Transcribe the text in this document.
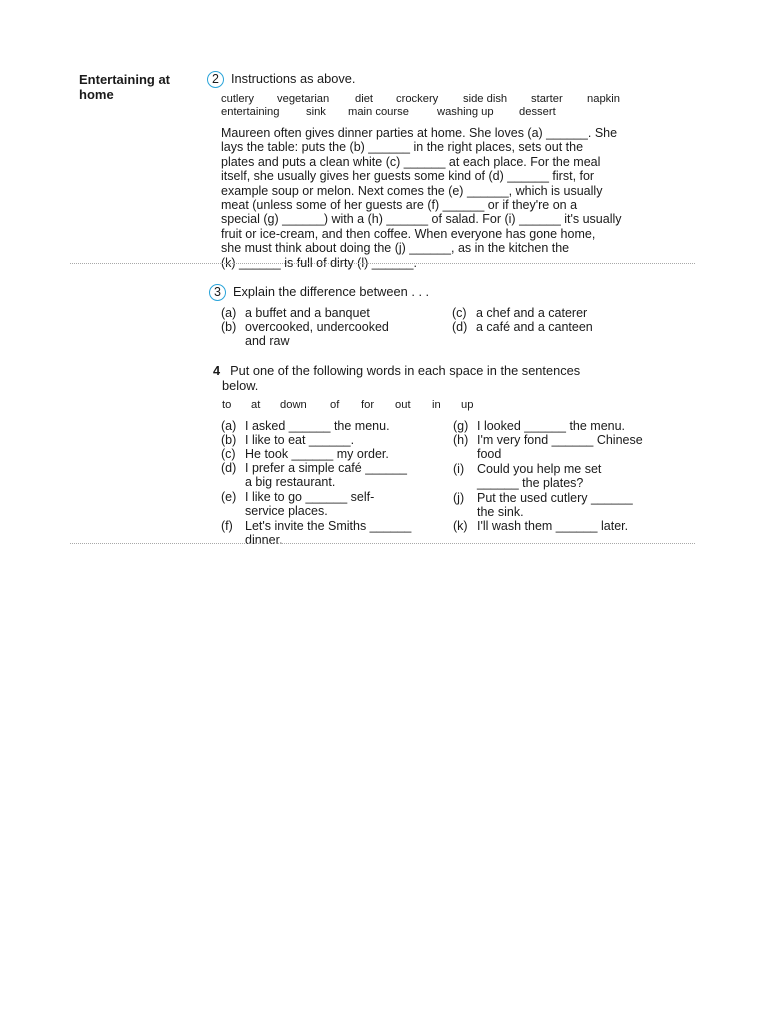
Entertaining at home
2 Instructions as above.
cutlery vegetarian diet crockery side dish starter napkin
entertaining sink main course	washing up dessert
Maureen often gives dinner parties at home. She loves (a) ______. She
lays the table: puts the (b) ______ in the right places, sets out the
plates and puts a clean white (c) ______ at each place. For the meal
itself, she usually gives her guests some kind of (d) ______ first, for
example soup or melon. Next comes the (e) ______, which is usually
meat (unless some of her guests are (f) ______ or if they're on a
special (g) ______) with a (h) ______ of salad. For (i) ______ it's usually
fruit or ice-cream, and then coffee. When everyone has gone home,
she must think about doing the (j) ______, as in the kitchen the
(k) ______ is full of dirty (l) ______.
3 Explain the difference between . . .
(a) a buffet and a banquet
(b) overcooked, undercooked
and raw
(c) a chef and a caterer
(d) a café and a canteen
4 Put one of the following words in each space in the sentences
below.
to at down of for out in up
(a) I asked ______ the menu.
(b) I like to eat ______.
(c) He took ______ my order.
(d) I prefer a simple café ______
a big restaurant.
(e) I like to go ______ self-
service places.
(f) Let's invite the Smiths ______
dinner.
(g) I looked ______ the menu.
(h) I'm very fond ______ Chinese
food
(i) Could you help me set
______ the plates?
(j) Put the used cutlery ______
the sink.
(k) I'll wash them ______ later.
